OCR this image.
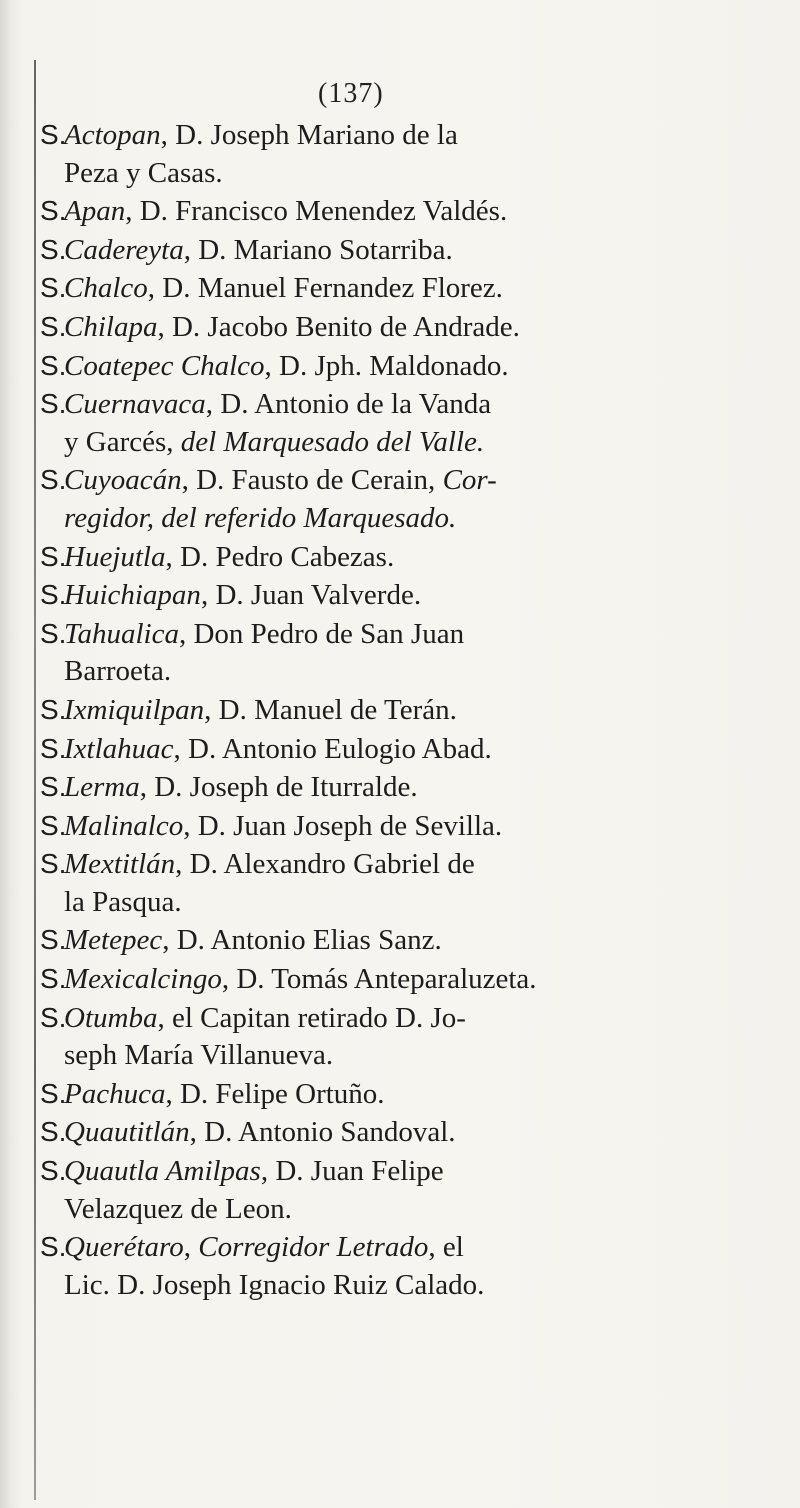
(137)
S.Actopan, D. Joseph Mariano de la
Peza y Casas.
S.Apan, D. Francisco Menendez Valdés.
S.Cadereyta, D. Mariano Sotarriba.
S.Chalco, D. Manuel Fernandez Florez.
S.Chilapa, D. Jacobo Benito de Andrade.
S.Coatepec Chalco, D. Jph. Maldonado.
S.Cuernavaca, D. Antonio de la Vanda
y Garcés, del Marquesado del Valle.
S.Cuyoacán, D. Fausto de Cerain, Cor-
regidor, del referido Marquesado.
S.Huejutla, D. Pedro Cabezas.
S.Huichiapan, D. Juan Valverde.
S.Tahualica, Don Pedro de San Juan
Barroeta.
S.Ixmiquilpan, D. Manuel de Terán.
S.Ixtlahuac, D. Antonio Eulogio Abad.
S.Lerma, D. Joseph de Iturralde.
S.Malinalco, D. Juan Joseph de Sevilla.
S.Mextitlán, D. Alexandro Gabriel de
la Pasqua.
S.Metepec, D. Antonio Elias Sanz.
S.Mexicalcingo, D. Tomás Anteparaluzeta.
S.Otumba, el Capitan retirado D. Jo-
seph María Villanueva.
S.Pachuca, D. Felipe Ortuño.
S.Quautitlán, D. Antonio Sandoval.
S.Quautla Amilpas, D. Juan Felipe
Velazquez de Leon.
S.Querétaro, Corregidor Letrado, el
Lic. D. Joseph Ignacio Ruiz Calado.
